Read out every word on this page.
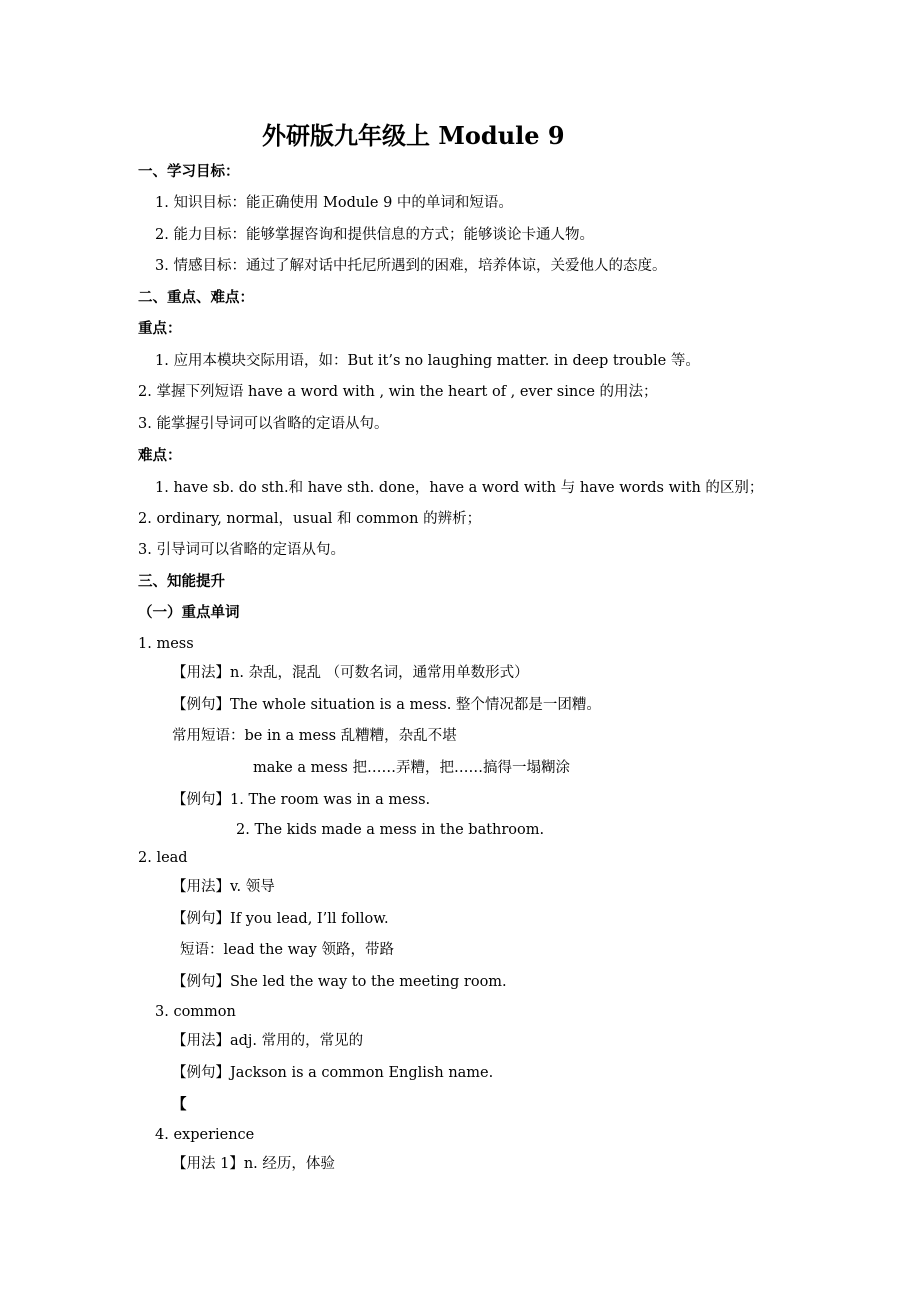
外研版九年级上 Module 9
一、学习目标：
1. 知识目标：能正确使用 Module 9 中的单词和短语。
2. 能力目标：能够掌握咨询和提供信息的方式；能够谈论卡通人物。
3. 情感目标：通过了解对话中托尼所遇到的困难，培养体谅，关爱他人的态度。
二、重点、难点：
重点：
1. 应用本模块交际用语，如：But it’s no laughing matter. in deep trouble 等。
2. 掌握下列短语 have a word with , win the heart of , ever since 的用法；
3. 能掌握引导词可以省略的定语从句。
难点：
1. have sb. do sth.和 have sth. done，have a word with 与 have words with 的区别；
2. ordinary, normal，usual 和 common 的辨析；
3. 引导词可以省略的定语从句。
三、知能提升
（一）重点单词
1. mess
【用法】n. 杂乱，混乱 （可数名词，通常用单数形式）
【例句】The whole situation is a mess. 整个情况都是一团糟。
常用短语：be in a mess 乱糟糟，杂乱不堪
make a mess 把……弄糟，把……搞得一塌糊涂
【例句】1. The room was in a mess.
2. The kids made a mess in the bathroom.
2. lead
【用法】v. 领导
【例句】If you lead, I’ll follow.
短语：lead the way 领路，带路
【例句】She led the way to the meeting room.
3. common
【用法】adj. 常用的，常见的
【例句】Jackson is a common English name.
【
4. experience
【用法 1】n. 经历，体验
